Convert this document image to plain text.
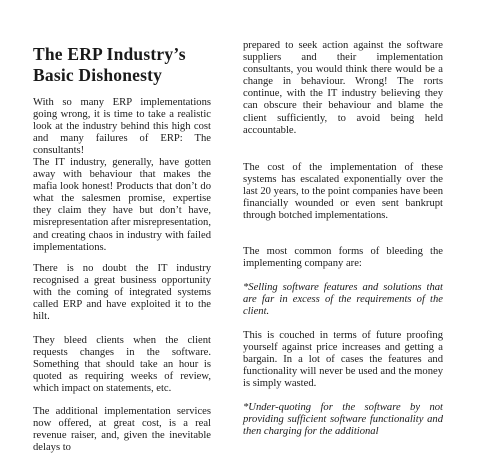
The ERP Industry’s Basic Dishonesty

With so many ERP implementations going wrong, it is time to take a realistic look at the industry behind this high cost and many failures of ERP: The consultants!

The IT industry, generally, have gotten away with behaviour that makes the mafia look honest! Products that don’t do what the salesmen promise, expertise they claim they have but don’t have, misrepresentation after misrepresentation, and creating chaos in industry with failed implementations.

There is no doubt the IT industry recognised a great business opportunity with the coming of integrated systems called ERP and have exploited it to the hilt.

They bleed clients when the client requests changes in the software. Something that should take an hour is quoted as requiring weeks of review, which impact on statements, etc.

The additional implementation services now offered, at great cost, is a real revenue raiser, and, given the inevitable delays to

prepared to seek action against the software suppliers and their implementation consultants, you would think there would be a change in behaviour. Wrong! The rorts continue, with the IT industry believing they can obscure their behaviour and blame the client sufficiently, to avoid being held accountable.

The cost of the implementation of these systems has escalated exponentially over the last 20 years, to the point companies have been financially wounded or even sent bankrupt through botched implementations.

The most common forms of bleeding the implementing company are:

*Selling software features and solutions that are far in excess of the requirements of the client.

This is couched in terms of future proofing yourself against price increases and getting a bargain. In a lot of cases the features and functionality will never be used and the money is simply wasted.

*Under-quoting for the software by not providing sufficient software functionality and then charging for the additional
